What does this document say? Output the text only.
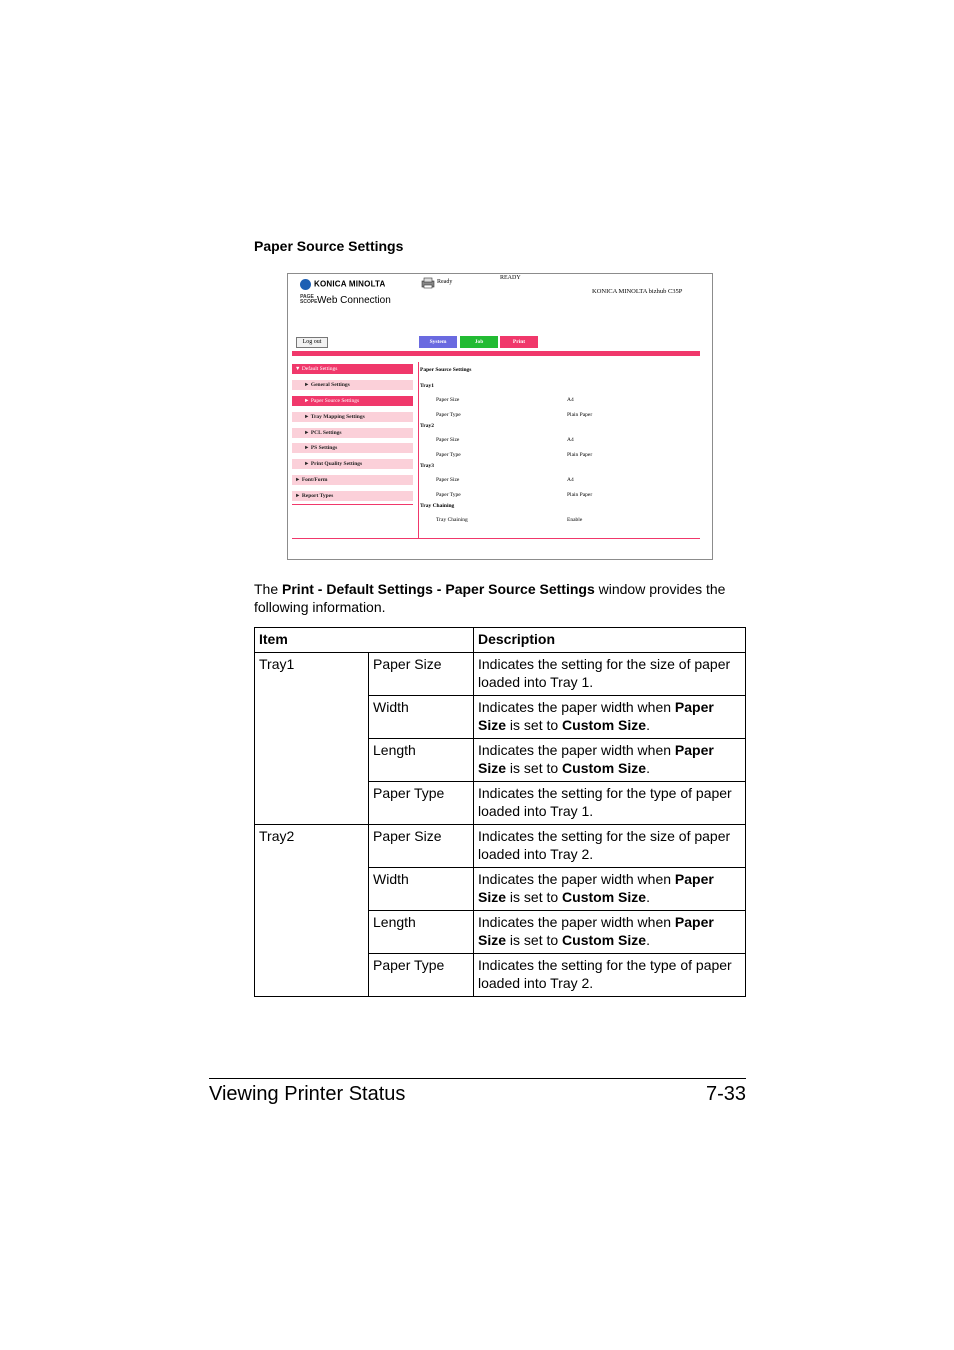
Paper Source Settings
KONICA MINOLTA
PAGE SCOPEWeb Connection
Ready
READY
KONICA MINOLTA bizhub C35P
Log out	System	Job	Print
▼ Default Settings
► General Settings
► Paper Source Settings
► Tray Mapping Settings
► PCL Settings
► PS Settings
► Print Quality Settings
► Font/Form
► Report Types
Paper Source Settings
Tray1
Paper Size	A4
Paper Type	Plain Paper
Tray2
Paper Size	A4
Paper Type	Plain Paper
Tray3
Paper Size	A4
Paper Type	Plain Paper
Tray Chaining
Tray Chaining	Enable
The Print - Default Settings - Paper Source Settings window provides the following information.
Item		Description
Tray1	Paper Size	Indicates the setting for the size of paper loaded into Tray 1.
	Width	Indicates the paper width when Paper Size is set to Custom Size.
	Length	Indicates the paper width when Paper Size is set to Custom Size.
	Paper Type	Indicates the setting for the type of paper loaded into Tray 1.
Tray2	Paper Size	Indicates the setting for the size of paper loaded into Tray 2.
	Width	Indicates the paper width when Paper Size is set to Custom Size.
	Length	Indicates the paper width when Paper Size is set to Custom Size.
	Paper Type	Indicates the setting for the type of paper loaded into Tray 2.
Viewing Printer Status	7-33
